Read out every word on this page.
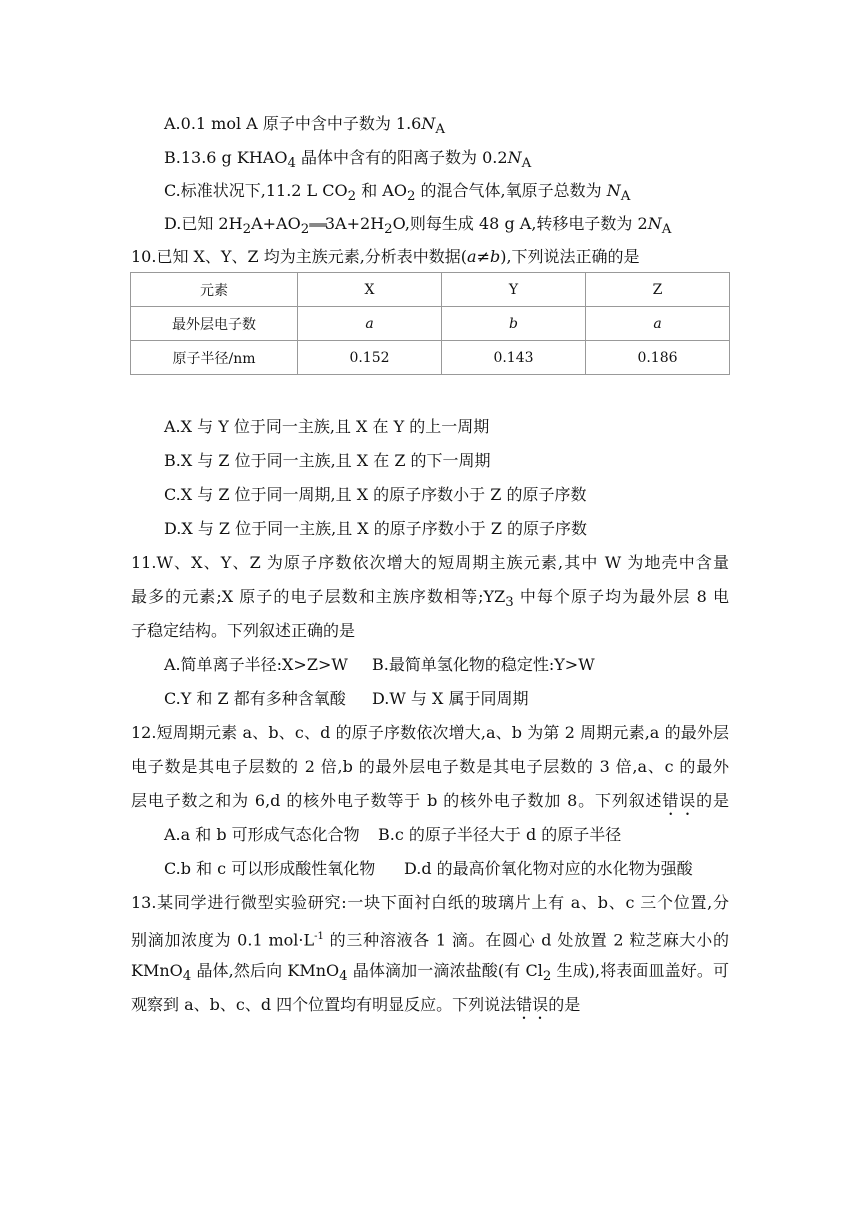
A.0.1 mol A 原子中含中子数为 $1.6N_A$
B.13.6 g $KHAO_4$ 晶体中含有的阳离子数为 $0.2N_A$
C.标准状况下,11.2 L $CO_2$ 和 $AO_2$ 的混合气体,氧原子总数为 $N_A$
D.已知 $2H_2A+AO_2═══3A+2H_2O$,则每生成 48 g A,转移电子数为 $2N_A$
10.已知 X、Y、Z 均为主族元素,分析表中数据(a≠b),下列说法正确的是
元素	X	Y	Z
最外层电子数	a	b	a
原子半径/nm	0.152	0.143	0.186
A.X 与 Y 位于同一主族,且 X 在 Y 的上一周期
B.X 与 Z 位于同一主族,且 X 在 Z 的下一周期
C.X 与 Z 位于同一周期,且 X 的原子序数小于 Z 的原子序数
D.X 与 Z 位于同一主族,且 X 的原子序数小于 Z 的原子序数
11.W、X、Y、Z 为原子序数依次增大的短周期主族元素,其中 W 为地壳中含量
最多的元素;X 原子的电子层数和主族序数相等$;YZ_3$ 中每个原子均为最外层 8 电
子稳定结构。下列叙述正确的是
A.简单离子半径:X>Z>W B.最简单氢化物的稳定性:Y>W
C.Y 和 Z 都有多种含氧酸 D.W 与 X 属于同周期
12.短周期元素 a、b、c、d 的原子序数依次增大,a、b 为第 2 周期元素,a 的最外层
电子数是其电子层数的 2 倍,b 的最外层电子数是其电子层数的 3 倍,a、c 的最外
层电子数之和为 6,d 的核外电子数等于 b 的核外电子数加 8。下列叙述错误的是
A.a 和 b 可形成气态化合物 B.c 的原子半径大于 d 的原子半径
C.b 和 c 可以形成酸性氧化物 D.d 的最高价氧化物对应的水化物为强酸
13.某同学进行微型实验研究:一块下面衬白纸的玻璃片上有 a、b、c 三个位置,分
别滴加浓度为 0.1 $mol\cdot L^{-1}$ 的三种溶液各 1 滴。在圆心 d 处放置 2 粒芝麻大小的
KMnO$_4$ 晶体,然后向 KMnO$_4$ 晶体滴加一滴浓盐酸(有 $Cl_2$ 生成),将表面皿盖好。可
观察到 a、b、c、d 四个位置均有明显反应。下列说法错误的是
